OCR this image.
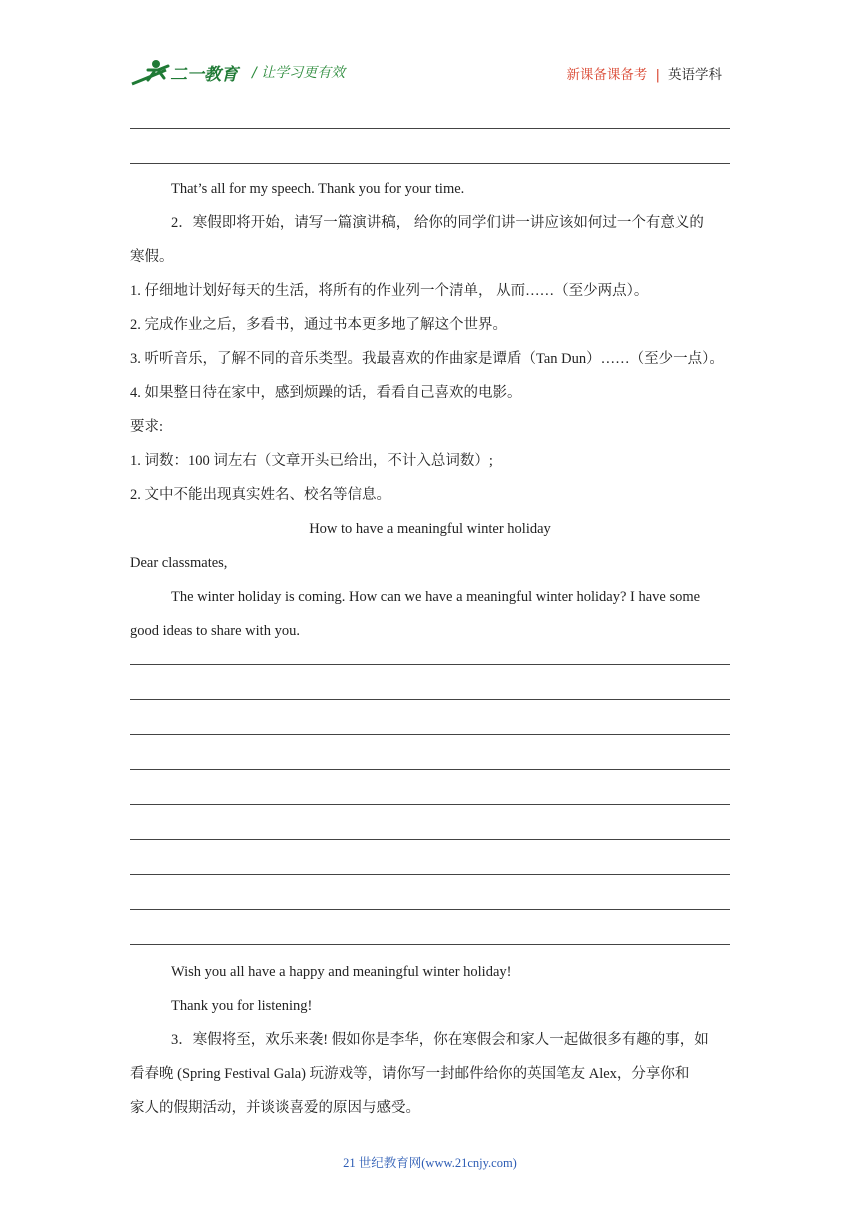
二一教育 / 让学习更有效	新课备课备考 | 英语学科

That’s all for my speech. Thank you for your time.

2．寒假即将开始，请写一篇演讲稿， 给你的同学们讲一讲应该如何过一个有意义的

寒假。

1. 仔细地计划好每天的生活，将所有的作业列一个清单， 从而……（至少两点）。

2. 完成作业之后，多看书，通过书本更多地了解这个世界。

3. 听听音乐，了解不同的音乐类型。我最喜欢的作曲家是谭盾（Tan Dun）……（至少一点）。

4. 如果整日待在家中，感到烦躁的话，看看自己喜欢的电影。

要求:

1. 词数：100 词左右（文章开头已给出，不计入总词数）;

2. 文中不能出现真实姓名、校名等信息。

How to have a meaningful winter holiday

Dear classmates,

The winter holiday is coming. How can we have a meaningful winter holiday? I have some

good ideas to share with you.

Wish you all have a happy and meaningful winter holiday!

Thank you for listening!

3．寒假将至，欢乐来袭! 假如你是李华，你在寒假会和家人一起做很多有趣的事，如

看春晚 (Spring Festival Gala) 玩游戏等，请你写一封邮件给你的英国笔友 Alex，分享你和

家人的假期活动，并谈谈喜爱的原因与感受。

21 世纪教育网(www.21cnjy.com)
